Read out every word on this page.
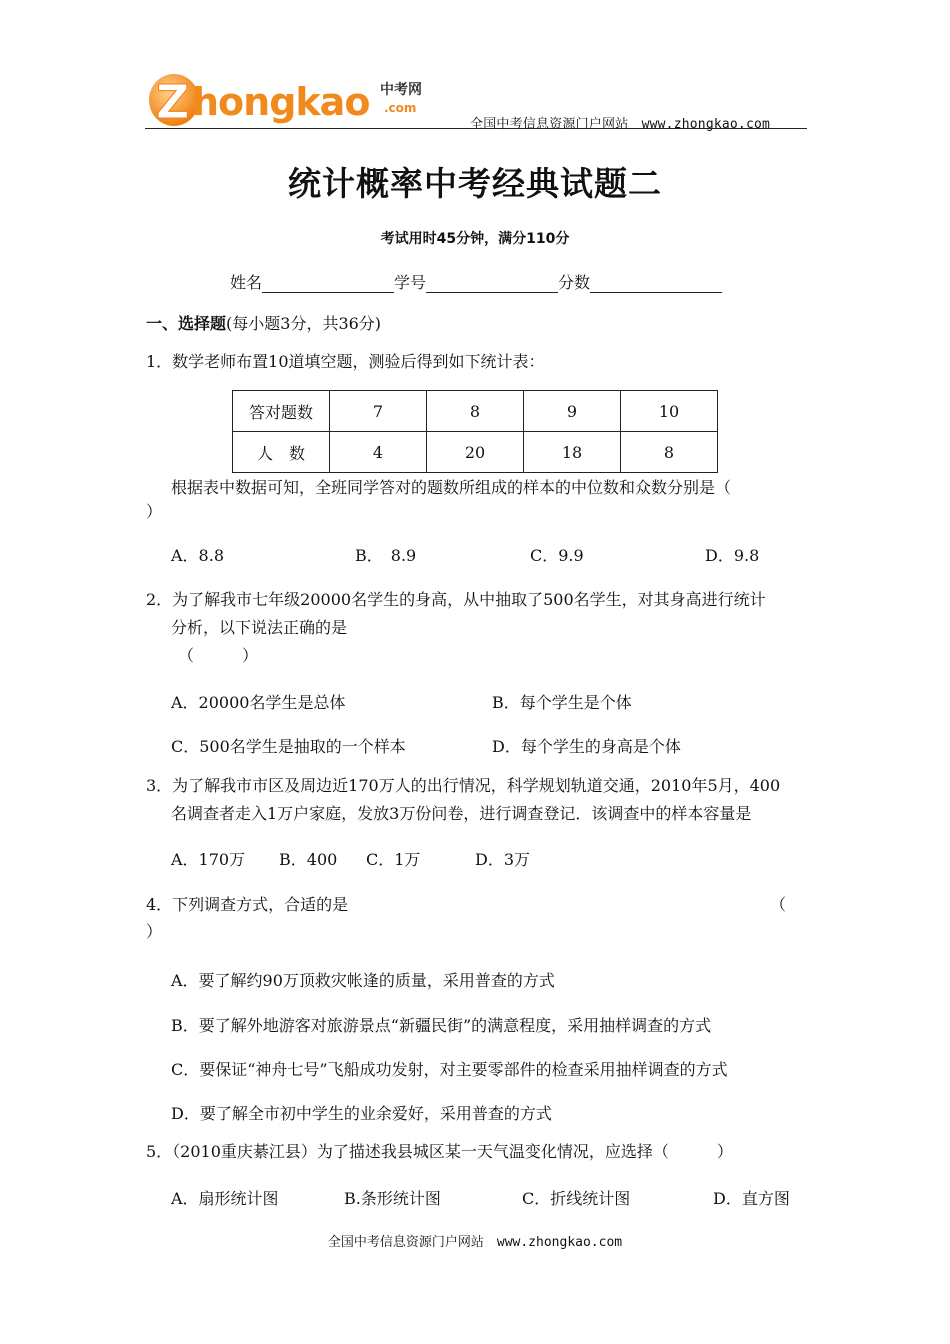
Z hongkao 中考网
.com
全国中考信息资源门户网站　www.zhongkao.com
统计概率中考经典试题二
考试用时45分钟，满分110分
姓名	学号	分数
一、选择题(每小题3分，共36分)
1．数学老师布置10道填空题，测验后得到如下统计表：
答对题数	7	8	9	10
人　数	4	20	18	8
根据表中数据可知，全班同学答对的题数所组成的样本的中位数和众数分别是（
）
A．8.8	B．　8.9	C．9.9	D．9.8
2．为了解我市七年级20000名学生的身高，从中抽取了500名学生，对其身高进行统计
分析，以下说法正确的是
（　　　）
A．20000名学生是总体	B．每个学生是个体
C．500名学生是抽取的一个样本	D．每个学生的身高是个体
3．为了解我市市区及周边近170万人的出行情况，科学规划轨道交通，2010年5月，400
名调查者走入1万户家庭，发放3万份问卷，进行调查登记．该调查中的样本容量是
A．170万 B．400 C．1万	D．3万
4．下列调查方式，合适的是	（
）
A．要了解约90万顶救灾帐逢的质量，采用普查的方式
B．要了解外地游客对旅游景点“新疆民街”的满意程度，采用抽样调查的方式
C．要保证“神舟七号”飞船成功发射，对主要零部件的检查采用抽样调查的方式
D．要了解全市初中学生的业余爱好，采用普查的方式
5．（2010重庆綦江县）为了描述我县城区某一天气温变化情况，应选择（　　　）
A．扇形统计图	B.条形统计图	C．折线统计图	D．直方图
全国中考信息资源门户网站　www.zhongkao.com
